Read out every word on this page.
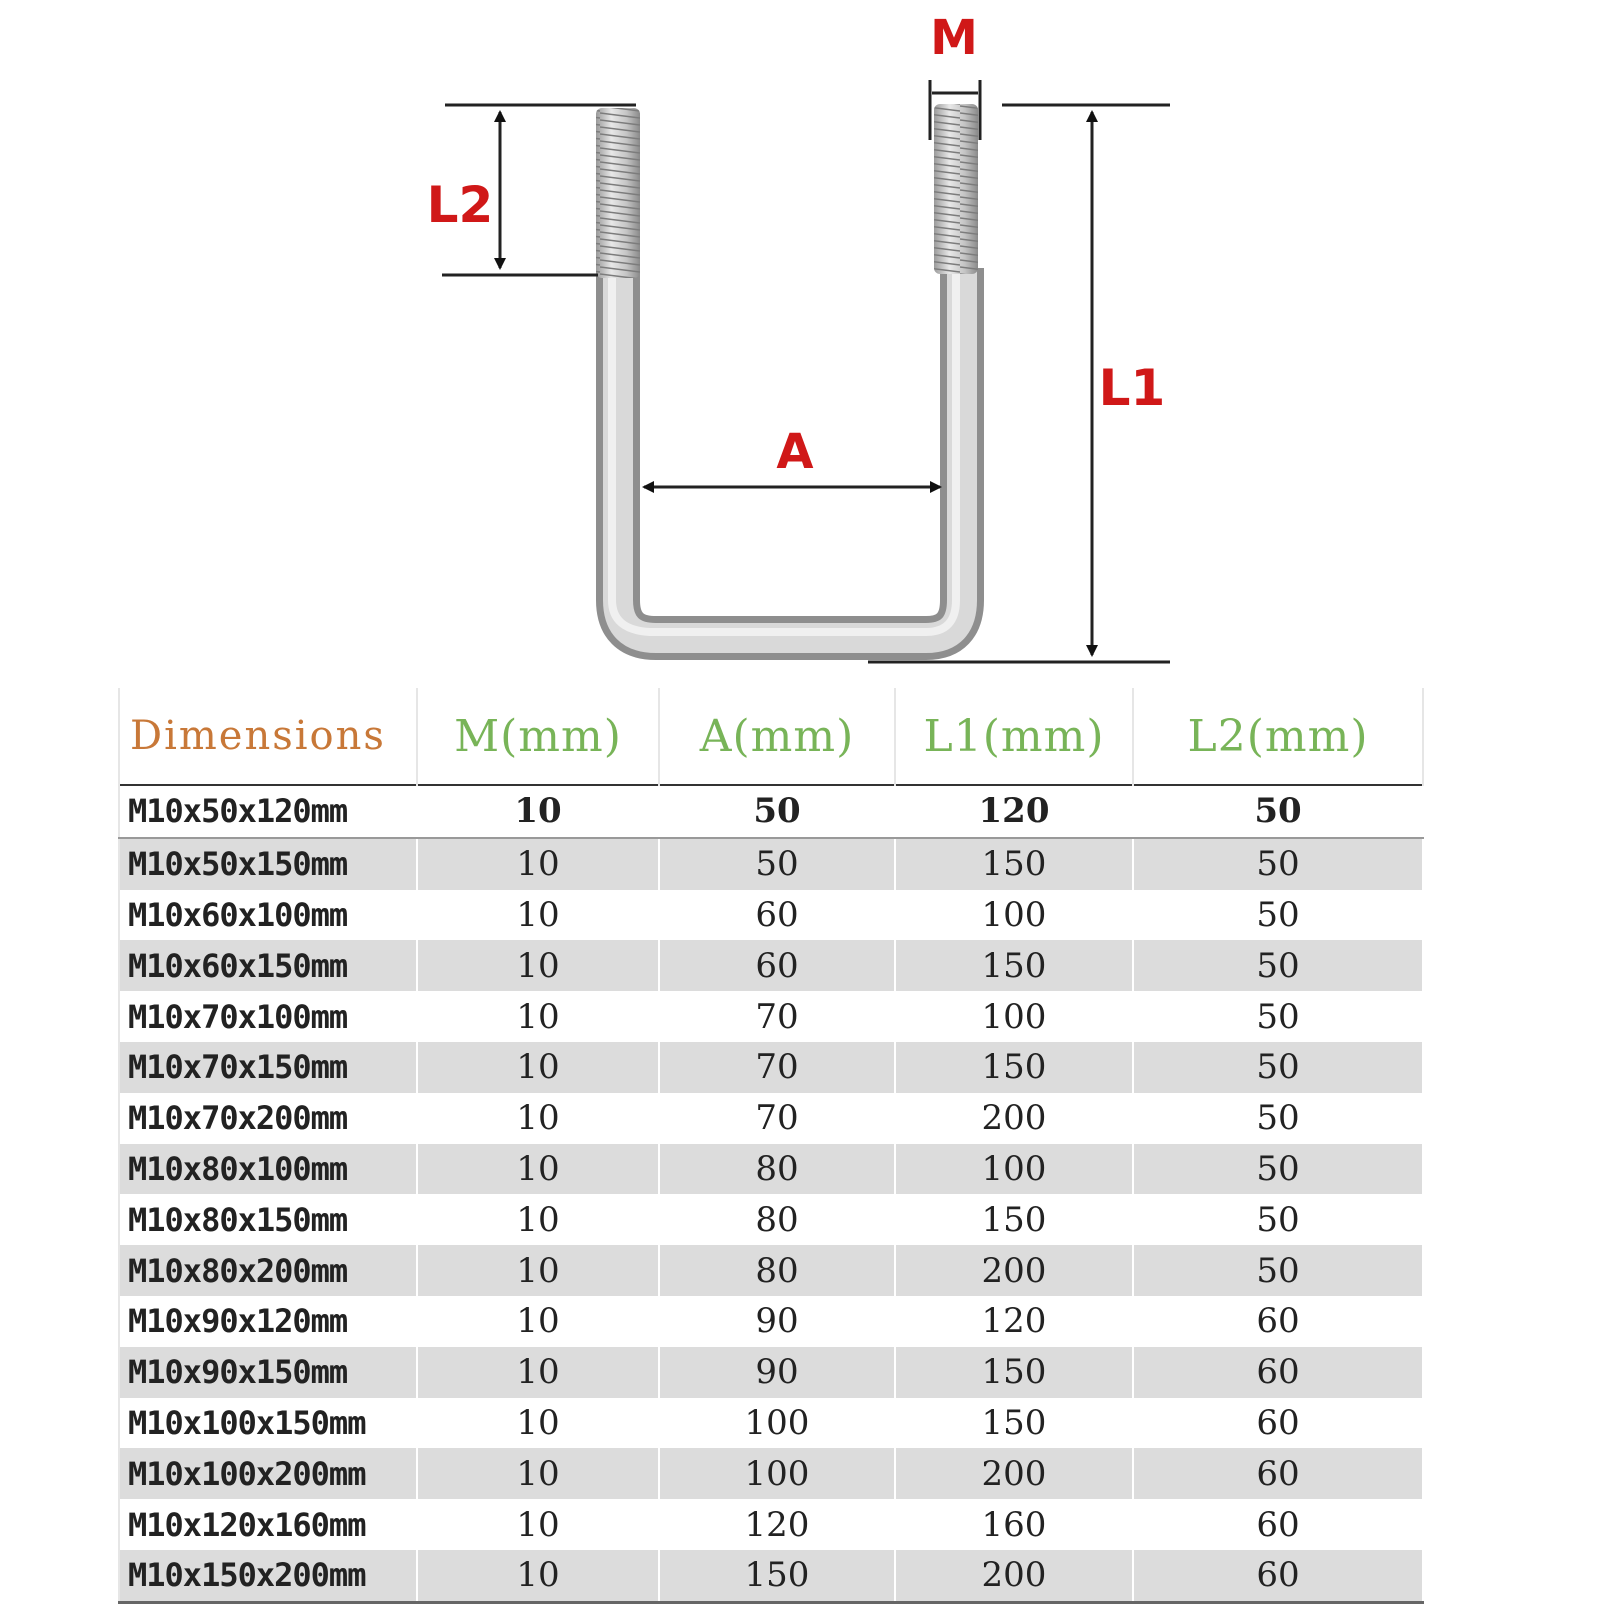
M
L2
L1
A
Dimensions	M(mm)	A(mm)	L1(mm)	L2(mm)
M10x50x120mm	10	50	120	50
M10x50x150mm	10	50	150	50
M10x60x100mm	10	60	100	50
M10x60x150mm	10	60	150	50
M10x70x100mm	10	70	100	50
M10x70x150mm	10	70	150	50
M10x70x200mm	10	70	200	50
M10x80x100mm	10	80	100	50
M10x80x150mm	10	80	150	50
M10x80x200mm	10	80	200	50
M10x90x120mm	10	90	120	60
M10x90x150mm	10	90	150	60
M10x100x150mm	10	100	150	60
M10x100x200mm	10	100	200	60
M10x120x160mm	10	120	160	60
M10x150x200mm	10	150	200	60
